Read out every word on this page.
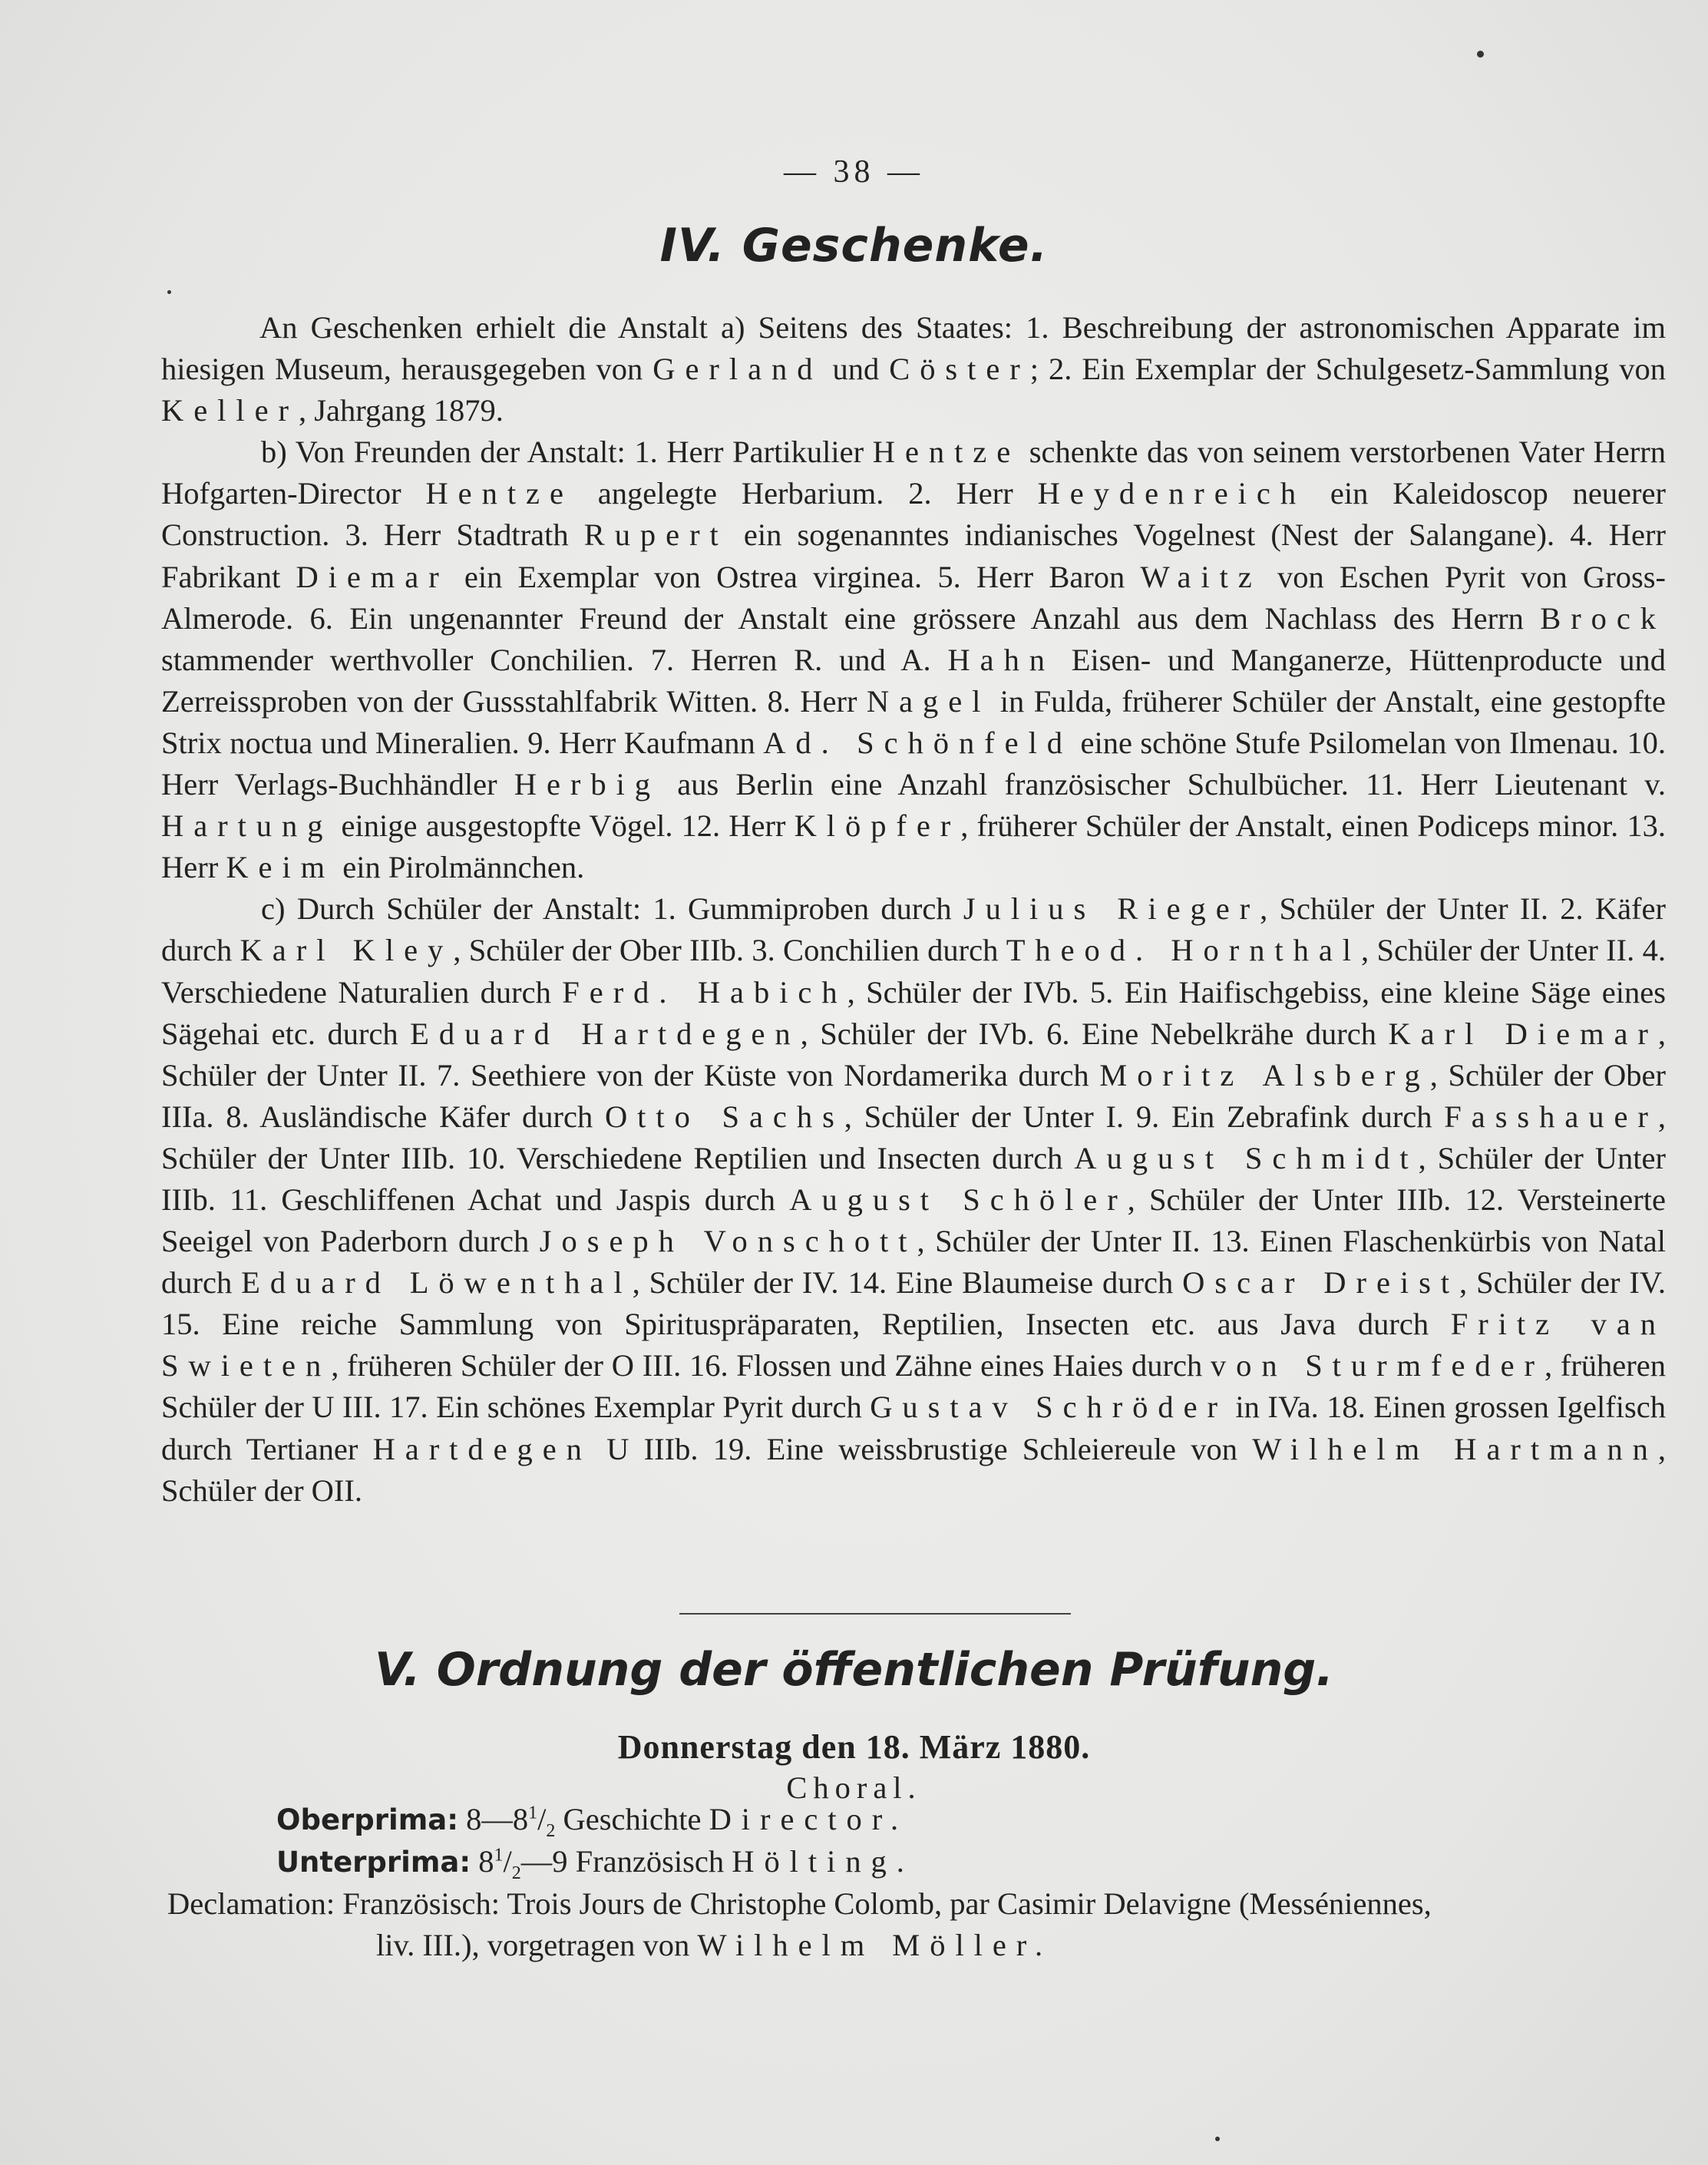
— 38 —
IV. Geschenke.

An Geschenken erhielt die Anstalt a) Seitens des Staates: 1. Beschreibung der astronomischen Apparate im hiesigen Museum, herausgegeben von Gerland und Cöster; 2. Ein Exemplar der Schulgesetz-Sammlung von Keller, Jahrgang 1879.

b) Von Freunden der Anstalt: 1. Herr Partikulier Hentze schenkte das von seinem verstorbenen Vater Herrn Hofgarten-Director Hentze angelegte Herbarium. 2. Herr Heydenreich ein Kaleidoscop neuerer Construction. 3. Herr Stadtrath Rupert ein sogenanntes indianisches Vogelnest (Nest der Salangane). 4. Herr Fabrikant Diemar ein Exemplar von Ostrea virginea. 5. Herr Baron Waitz von Eschen Pyrit von Gross-Almerode. 6. Ein ungenannter Freund der Anstalt eine grössere Anzahl aus dem Nachlass des Herrn Brock stammender werthvoller Conchilien. 7. Herren R. und A. Hahn Eisen- und Manganerze, Hüttenproducte und Zerreissproben von der Gussstahlfabrik Witten. 8. Herr Nagel in Fulda, früherer Schüler der Anstalt, eine gestopfte Strix noctua und Mineralien. 9. Herr Kaufmann Ad. Schönfeld eine schöne Stufe Psilomelan von Ilmenau. 10. Herr Verlags-Buchhändler Herbig aus Berlin eine Anzahl französischer Schulbücher. 11. Herr Lieutenant v. Hartung einige ausgestopfte Vögel. 12. Herr Klöpfer, früherer Schüler der Anstalt, einen Podiceps minor. 13. Herr Keim ein Pirolmännchen.

c) Durch Schüler der Anstalt: 1. Gummiproben durch Julius Rieger, Schüler der Unter II. 2. Käfer durch Karl Kley, Schüler der Ober IIIb. 3. Conchilien durch Theod. Hornthal, Schüler der Unter II. 4. Verschiedene Naturalien durch Ferd. Habich, Schüler der IVb. 5. Ein Haifischgebiss, eine kleine Säge eines Sägehai etc. durch Eduard Hartdegen, Schüler der IVb. 6. Eine Nebelkrähe durch Karl Diemar, Schüler der Unter II. 7. Seethiere von der Küste von Nordamerika durch Moritz Alsberg, Schüler der Ober IIIa. 8. Ausländische Käfer durch Otto Sachs, Schüler der Unter I. 9. Ein Zebrafink durch Fasshauer, Schüler der Unter IIIb. 10. Verschiedene Reptilien und Insecten durch August Schmidt, Schüler der Unter IIIb. 11. Geschliffenen Achat und Jaspis durch August Schöler, Schüler der Unter IIIb. 12. Versteinerte Seeigel von Paderborn durch Joseph Vonschott, Schüler der Unter II. 13. Einen Flaschenkürbis von Natal durch Eduard Löwenthal, Schüler der IV. 14. Eine Blaumeise durch Oscar Dreist, Schüler der IV. 15. Eine reiche Sammlung von Spirituspräparaten, Reptilien, Insecten etc. aus Java durch Fritz van Swieten, früheren Schüler der O III. 16. Flossen und Zähne eines Haies durch von Sturmfeder, früheren Schüler der U III. 17. Ein schönes Exemplar Pyrit durch Gustav Schröder in IVa. 18. Einen grossen Igelfisch durch Tertianer Hartdegen U IIIb. 19. Eine weissbrustige Schleiereule von Wilhelm Hartmann, Schüler der OII.

V. Ordnung der öffentlichen Prüfung.
Donnerstag den 18. März 1880.
Choral.
Oberprima: $8—8^1/_2$ Geschichte Director.
Unterprima: $8^1/_2—9$ Französisch Hölting.
Declamation: Französisch: Trois Jours de Christophe Colomb, par Casimir Delavigne (Messéniennes,
liv. III.), vorgetragen von Wilhelm Möller.
